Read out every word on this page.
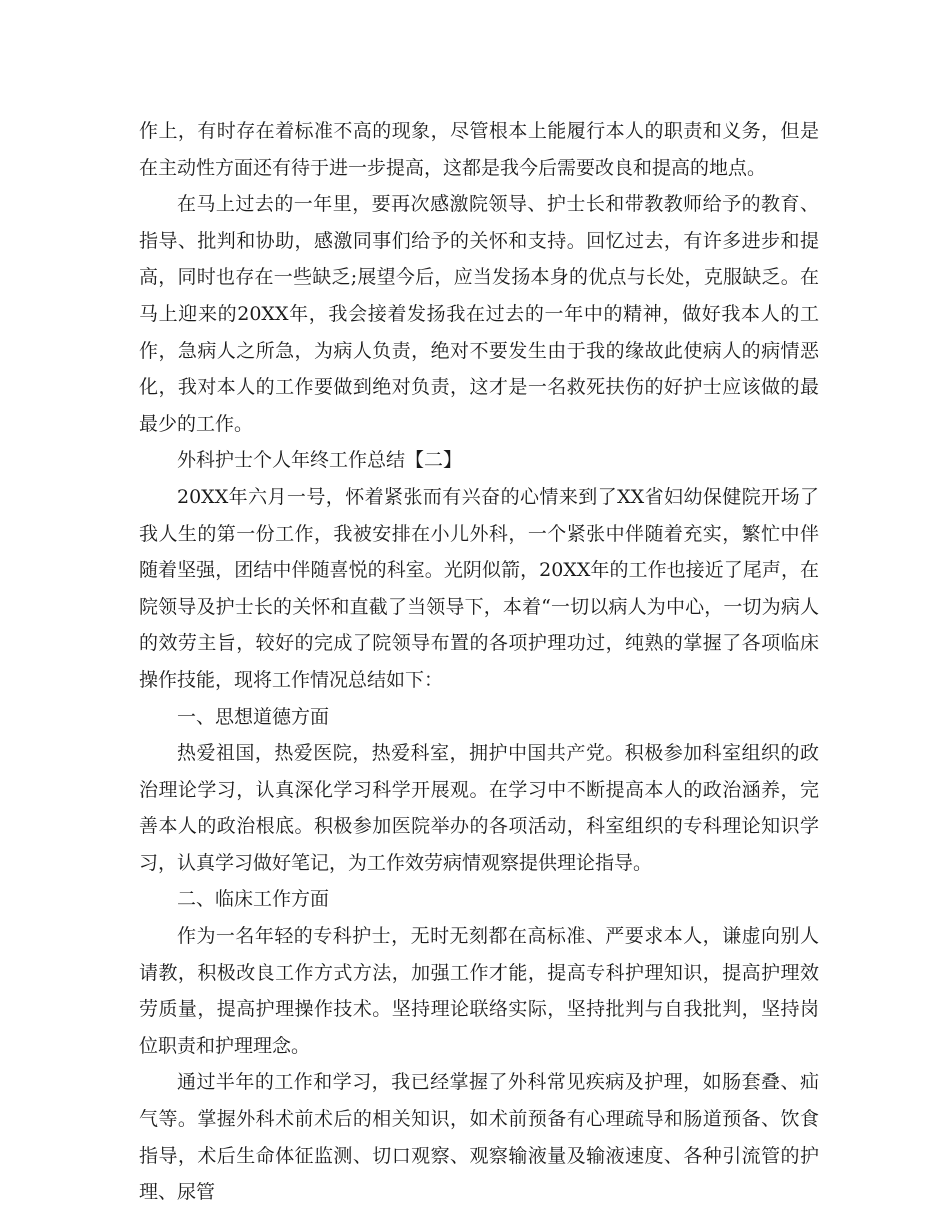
作上，有时存在着标准不高的现象，尽管根本上能履行本人的职责和义务，但是在主动性方面还有待于进一步提高，这都是我今后需要改良和提高的地点。

在马上过去的一年里，要再次感激院领导、护士长和带教教师给予的教育、指导、批判和协助，感激同事们给予的关怀和支持。回忆过去，有许多进步和提高，同时也存在一些缺乏;展望今后，应当发扬本身的优点与长处，克服缺乏。在马上迎来的20XX年，我会接着发扬我在过去的一年中的精神，做好我本人的工作，急病人之所急，为病人负责，绝对不要发生由于我的缘故此使病人的病情恶化，我对本人的工作要做到绝对负责，这才是一名救死扶伤的好护士应该做的最最少的工作。

外科护士个人年终工作总结【二】

20XX年六月一号，怀着紧张而有兴奋的心情来到了XX省妇幼保健院开场了我人生的第一份工作，我被安排在小儿外科，一个紧张中伴随着充实，繁忙中伴随着坚强，团结中伴随喜悦的科室。光阴似箭，20XX年的工作也接近了尾声，在院领导及护士长的关怀和直截了当领导下，本着“一切以病人为中心，一切为病人的效劳主旨，较好的完成了院领导布置的各项护理功过，纯熟的掌握了各项临床操作技能，现将工作情况总结如下：

一、思想道德方面

热爱祖国，热爱医院，热爱科室，拥护中国共产党。积极参加科室组织的政治理论学习，认真深化学习科学开展观。在学习中不断提高本人的政治涵养，完善本人的政治根底。积极参加医院举办的各项活动，科室组织的专科理论知识学习，认真学习做好笔记，为工作效劳病情观察提供理论指导。

二、临床工作方面

作为一名年轻的专科护士，无时无刻都在高标准、严要求本人，谦虚向别人请教，积极改良工作方式方法，加强工作才能，提高专科护理知识，提高护理效劳质量，提高护理操作技术。坚持理论联络实际，坚持批判与自我批判，坚持岗位职责和护理理念。

通过半年的工作和学习，我已经掌握了外科常见疾病及护理，如肠套叠、疝气等。掌握外科术前术后的相关知识，如术前预备有心理疏导和肠道预备、饮食指导，术后生命体征监测、切口观察、观察输液量及输液速度、各种引流管的护理、尿管
